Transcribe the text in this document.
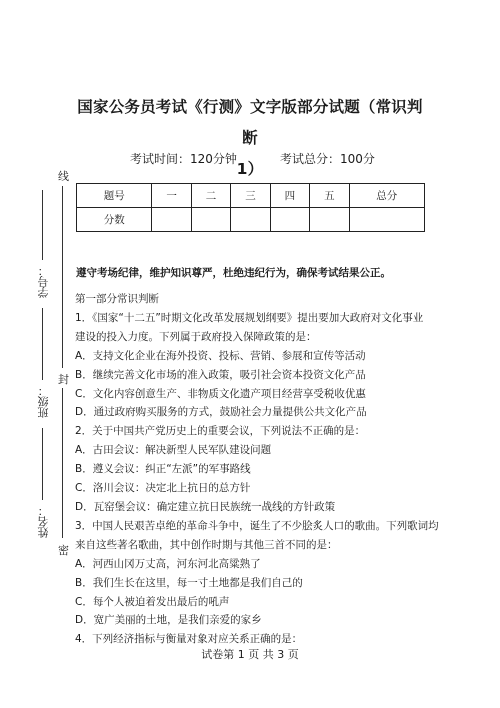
国家公务员考试《行测》文字版部分试题（常识判断
1）
考试时间：120分钟	考试总分：100分
线
封
密
学号：
班级：
姓名：
题号	一	二	三	四	五	总分
分数						
遵守考场纪律，维护知识尊严，杜绝违纪行为，确保考试结果公正。
第一部分常识判断
1．《国家“十二五”时期文化改革发展规划纲要》提出要加大政府对文化事业
建设的投入力度。下列属于政府投入保障政策的是：
A．支持文化企业在海外投资、投标、营销、参展和宣传等活动
B．继续完善文化市场的准入政策，吸引社会资本投资文化产品
C．文化内容创意生产、非物质文化遗产项目经营享受税收优惠
D．通过政府购买服务的方式，鼓励社会力量提供公共文化产品
2．关于中国共产党历史上的重要会议，下列说法不正确的是：
A．古田会议：解决新型人民军队建设问题
B．遵义会议：纠正“左派”的军事路线
C．洛川会议：决定北上抗日的总方针
D．瓦窑堡会议：确定建立抗日民族统一战线的方针政策
3．中国人民艰苦卓绝的革命斗争中，诞生了不少脍炙人口的歌曲。下列歌词均
来自这些著名歌曲，其中创作时期与其他三首不同的是：
A．河西山冈万丈高，河东河北高粱熟了
B．我们生长在这里，每一寸土地都是我们自己的
C．每个人被迫着发出最后的吼声
D．宽广美丽的土地，是我们亲爱的家乡
4．下列经济指标与衡量对象对应关系正确的是：
试卷第 1 页 共 3 页
